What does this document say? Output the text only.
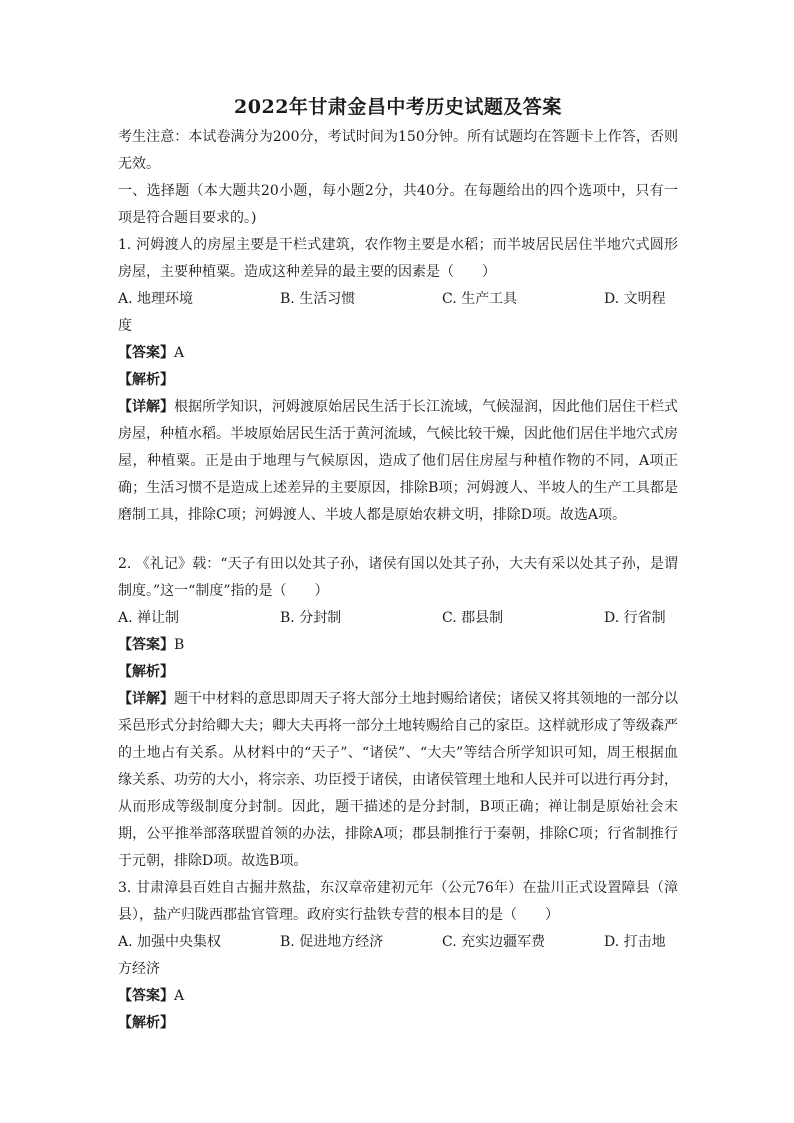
2022年甘肃金昌中考历史试题及答案

考生注意：本试卷满分为200分，考试时间为150分钟。所有试题均在答题卡上作答，否则无效。

一、选择题（本大题共20小题，每小题2分，共40分。在每题给出的四个选项中，只有一项是符合题目要求的。)

1. 河姆渡人的房屋主要是干栏式建筑，农作物主要是水稻；而半坡居民居住半地穴式圆形房屋，主要种植粟。造成这种差异的最主要的因素是（　　）

A. 地理环境	B. 生活习惯	C. 生产工具	D. 文明程

度

【答案】A

【解析】

【详解】根据所学知识，河姆渡原始居民生活于长江流域，气候湿润，因此他们居住干栏式房屋，种植水稻。半坡原始居民生活于黄河流域，气候比较干燥，因此他们居住半地穴式房屋，种植粟。正是由于地理与气候原因，造成了他们居住房屋与种植作物的不同，A项正确；生活习惯不是造成上述差异的主要原因，排除B项；河姆渡人、半坡人的生产工具都是磨制工具，排除C项；河姆渡人、半坡人都是原始农耕文明，排除D项。故选A项。

2. 《礼记》载：“天子有田以处其子孙，诸侯有国以处其子孙，大夫有采以处其子孙，是谓制度。”这一“制度”指的是（　　）

A. 禅让制	B. 分封制	C. 郡县制	D. 行省制

【答案】B

【解析】

【详解】题干中材料的意思即周天子将大部分土地封赐给诸侯；诸侯又将其领地的一部分以采邑形式分封给卿大夫；卿大夫再将一部分土地转赐给自己的家臣。这样就形成了等级森严的土地占有关系。从材料中的“天子”、“诸侯”、“大夫”等结合所学知识可知，周王根据血缘关系、功劳的大小，将宗亲、功臣授于诸侯，由诸侯管理土地和人民并可以进行再分封，从而形成等级制度分封制。因此，题干描述的是分封制，B项正确；禅让制是原始社会末期，公平推举部落联盟首领的办法，排除A项；郡县制推行于秦朝，排除C项；行省制推行于元朝，排除D项。故选B项。

3. 甘肃漳县百姓自古掘井熬盐，东汉章帝建初元年（公元76年）在盐川正式设置障县（漳县），盐产归陇西郡盐官管理。政府实行盐铁专营的根本目的是（　　）

A. 加强中央集权	B. 促进地方经济	C. 充实边疆军费	D. 打击地

方经济

【答案】A

【解析】
